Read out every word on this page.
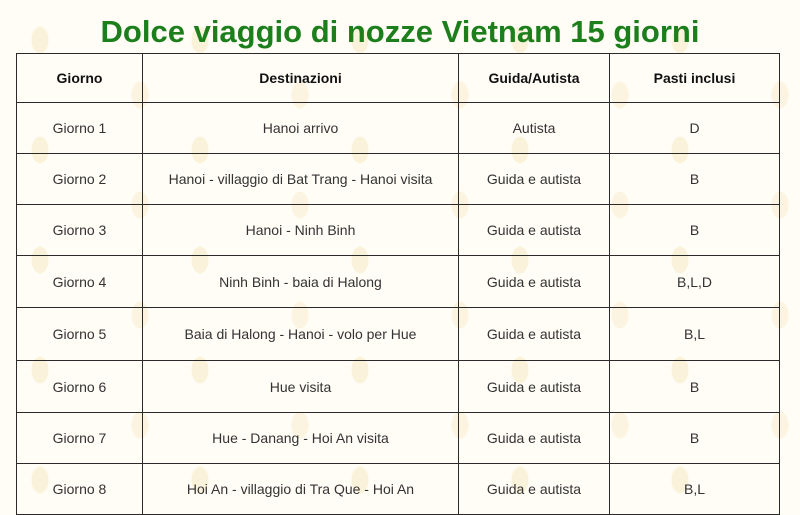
Dolce viaggio di nozze Vietnam 15 giorni
Giorno	Destinazioni	Guida/Autista	Pasti inclusi
Giorno 1	Hanoi arrivo	Autista	D
Giorno 2	Hanoi - villaggio di Bat Trang - Hanoi visita	Guida e autista	B
Giorno 3	Hanoi - Ninh Binh	Guida e autista	B
Giorno 4	Ninh Binh - baia di Halong	Guida e autista	B,L,D
Giorno 5	Baia di Halong - Hanoi - volo per Hue	Guida e autista	B,L
Giorno 6	Hue visita	Guida e autista	B
Giorno 7	Hue - Danang - Hoi An visita	Guida e autista	B
Giorno 8	Hoi An - villaggio di Tra Que - Hoi An	Guida e autista	B,L
